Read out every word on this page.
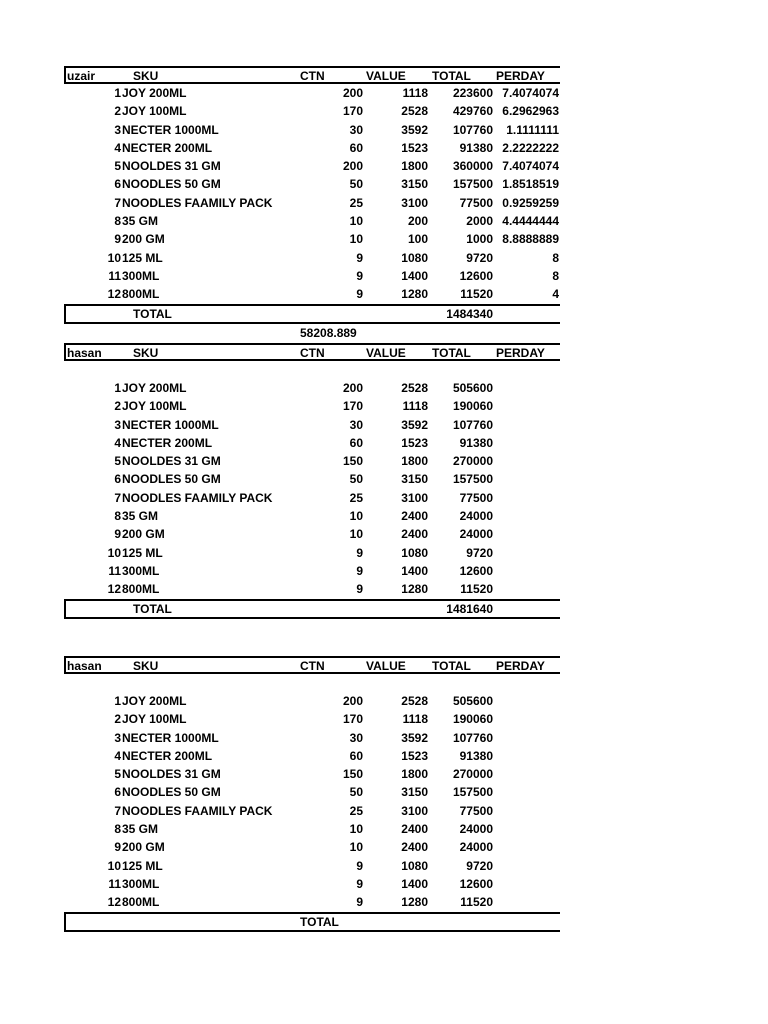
uzair	SKU	CTN	VALUE TOTAL PERDAY
1 JOY 200ML	200	1118 223600 7.4074074
2 JOY 100ML	170	2528 429760 6.2962963
3 NECTER 1000ML	30	3592 107760 1.1111111
4 NECTER 200ML	60	1523	91380 2.2222222
5 NOOLDES 31 GM	200	1800 360000 7.4074074
6 NOODLES 50 GM	50	3150 157500 1.8518519
7 NOODLES FAAMILY PACK	25	3100	77500 0.9259259
8 35 GM	10	200	2000 4.4444444
9 200 GM	10	100	1000 8.8888889
10 125 ML	9	1080	9720	8
11 300ML	9	1400	12600	8
12 800ML	9	1280	11520	4
TOTAL	1484340
58208.889
hasan	SKU	CTN	VALUE TOTAL PERDAY
1 JOY 200ML	200	2528 505600
2 JOY 100ML	170	1118 190060
3 NECTER 1000ML	30	3592 107760
4 NECTER 200ML	60	1523	91380
5 NOOLDES 31 GM	150	1800 270000
6 NOODLES 50 GM	50	3150 157500
7 NOODLES FAAMILY PACK	25	3100	77500
8 35 GM	10	2400	24000
9 200 GM	10	2400	24000
10 125 ML	9	1080	9720
11 300ML	9	1400	12600
12 800ML	9	1280	11520
TOTAL	1481640
hasan	SKU	CTN	VALUE TOTAL PERDAY
1 JOY 200ML	200	2528 505600
2 JOY 100ML	170	1118 190060
3 NECTER 1000ML	30	3592 107760
4 NECTER 200ML	60	1523	91380
5 NOOLDES 31 GM	150	1800 270000
6 NOODLES 50 GM	50	3150 157500
7 NOODLES FAAMILY PACK	25	3100	77500
8 35 GM	10	2400	24000
9 200 GM	10	2400	24000
10 125 ML	9	1080	9720
11 300ML	9	1400	12600
12 800ML	9	1280	11520
TOTAL
